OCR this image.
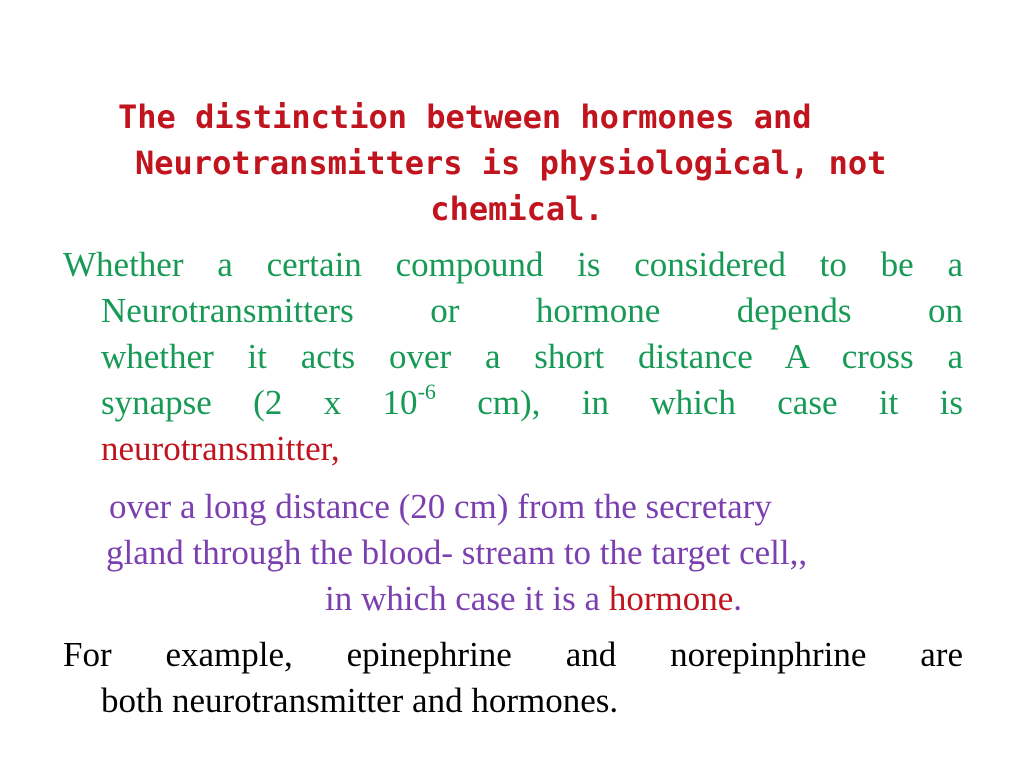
The distinction between hormones and
Neurotransmitters is physiological, not
chemical.
Whether a certain compound is considered to be a
Neurotransmitters or hormone depends on
whether it acts over a short distance A cross a
synapse (2 x $10^{-6}$ cm), in which case it is
neurotransmitter,
over a long distance (20 cm) from the secretary
gland through the blood- stream to the target cell,,
in which case it is a hormone.
For example, epinephrine and norepinphrine are
both neurotransmitter and hormones.
